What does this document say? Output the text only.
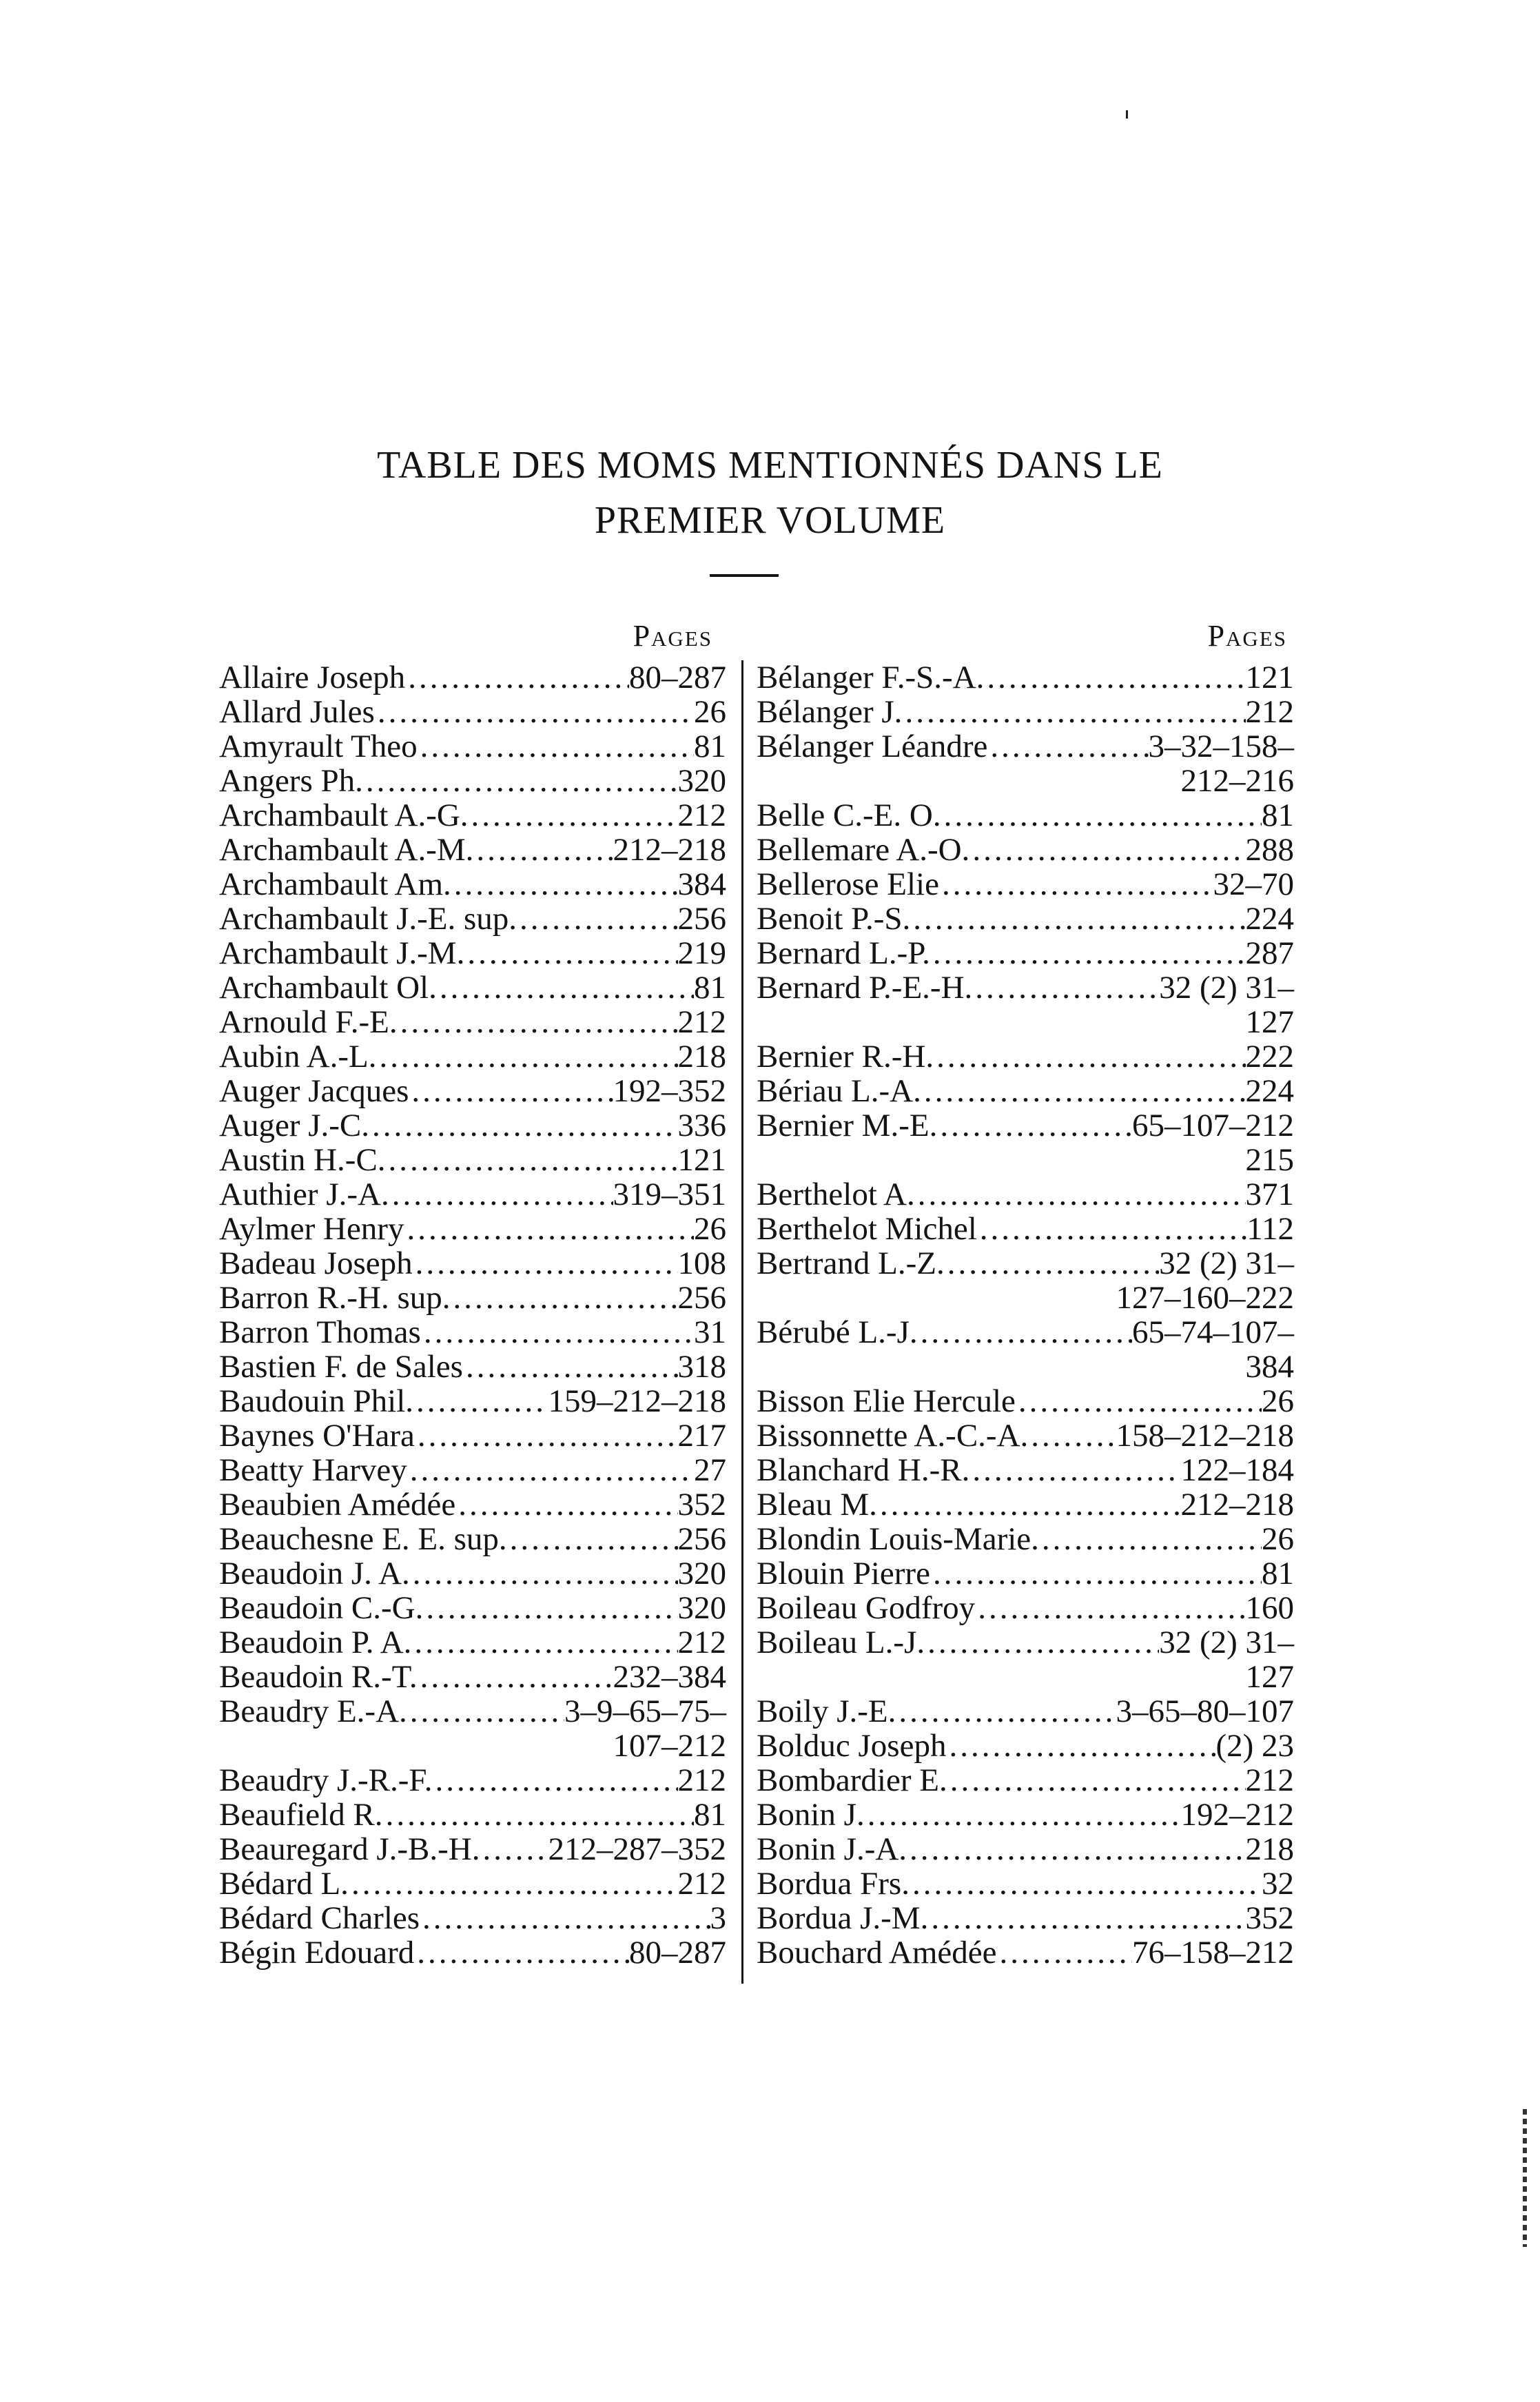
TABLE DES MOMS MENTIONNÉS DANS LE
PREMIER VOLUME
Pages
Allaire Joseph .....	80–287
Allard Jules .....	26
Amyrault Theo .....	81
Angers Ph. .....	320
Archambault A.-G. .....	212
Archambault A.-M. .....	212–218
Archambault Am. .....	384
Archambault J.-E. sup. .....	256
Archambault J.-M. .....	219
Archambault Ol. .....	81
Arnould F.-E. .....	212
Aubin A.-L. .....	218
Auger Jacques .....	192–352
Auger J.-C. .....	336
Austin H.-C. .....	121
Authier J.-A. .....	319–351
Aylmer Henry .....	26
Badeau Joseph .....	108
Barron R.-H. sup. .....	256
Barron Thomas .....	31
Bastien F. de Sales .....	318
Baudouin Phil. .....	159–212–218
Baynes O'Hara .....	217
Beatty Harvey .....	27
Beaubien Amédée .....	352
Beauchesne E. E. sup. .....	256
Beaudoin J. A. .....	320
Beaudoin C.-G. .....	320
Beaudoin P. A. .....	212
Beaudoin R.-T. .....	232–384
Beaudry E.-A. .....	3–9–65–75–
107–212
Beaudry J.-R.-F. .....	212
Beaufield R. .....	81
Beauregard J.-B.-H. ..... 212–287–352
Bédard L. .....	212
Bédard Charles .....	3
Bégin Edouard .....	80–287
Pages
Bélanger F.-S.-A. .....	121
Bélanger J. .....	212
Bélanger Léandre .....	3–32–158–
212–216
Belle C.-E. O. .....	81
Bellemare A.-O. .....	288
Bellerose Elie .....	32–70
Benoit P.-S. .....	224
Bernard L.-P. .....	287
Bernard P.-E.-H. .....	32 (2) 31–
127
Bernier R.-H. .....	222
Bériau L.-A. .....	224
Bernier M.-E. .....	65–107–212
215
Berthelot A. .....	371
Berthelot Michel .....	112
Bertrand L.-Z. .....	32 (2) 31–
127–160–222
Bérubé L.-J. .....	65–74–107–
384
Bisson Elie Hercule .....	26
Bissonnette A.-C.-A. .....	158–212–218
Blanchard H.-R. .....	122–184
Bleau M. .....	212–218
Blondin Louis-Marie. .....	26
Blouin Pierre .....	81
Boileau Godfroy .....	160
Boileau L.-J. .....	32 (2) 31–
127
Boily J.-E. .....	3–65–80–107
Bolduc Joseph .....	(2) 23
Bombardier E. .....	212
Bonin J. .....	192–212
Bonin J.-A. .....	218
Bordua Frs. .....	32
Bordua J.-M. .....	352
Bouchard Amédée .....	76–158–212
